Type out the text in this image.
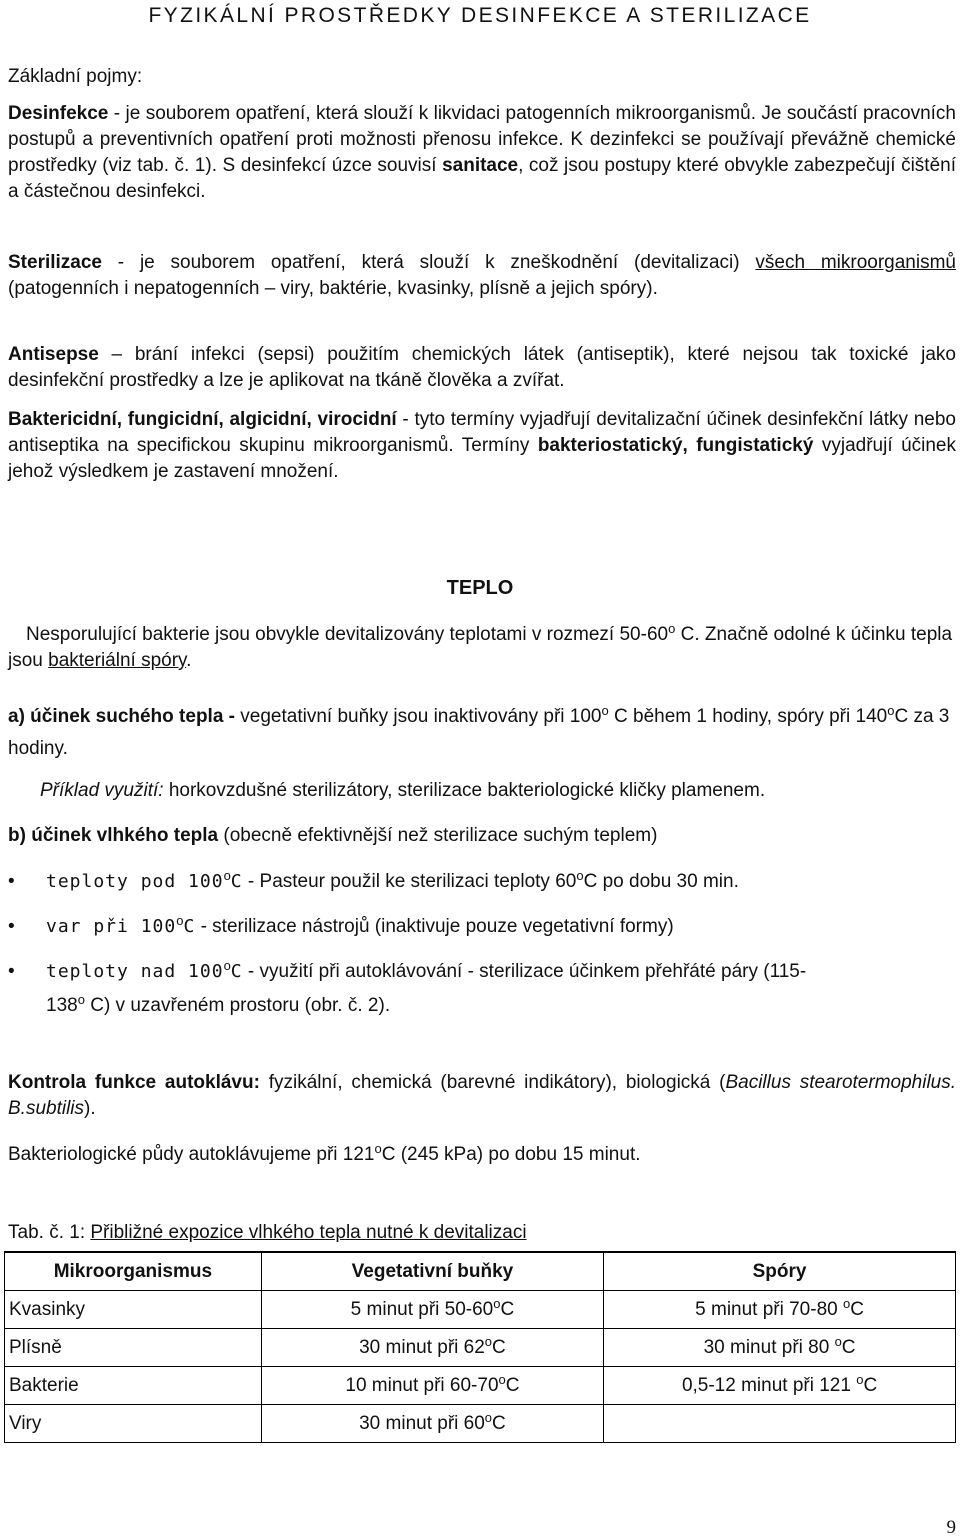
FYZIKÁLNÍ PROSTŘEDKY DESINFEKCE A STERILIZACE
Základní pojmy:
Desinfekce - je souborem opatření, která slouží k likvidaci patogenních mikroorganismů. Je součástí pracovních postupů a preventivních opatření proti možnosti přenosu infekce. K dezinfekci se používají převážně chemické prostředky (viz tab. č. 1). S desinfekcí úzce souvisí sanitace, což jsou postupy které obvykle zabezpečují čištění a částečnou desinfekci.
Sterilizace - je souborem opatření, která slouží k zneškodnění (devitalizaci) všech mikroorganismů (patogenních i nepatogenních – viry, baktérie, kvasinky, plísně a jejich spóry).
Antisepse – brání infekci (sepsi) použitím chemických látek (antiseptik), které nejsou tak toxické jako desinfekční prostředky a lze je aplikovat na tkáně člověka a zvířat.
Baktericidní, fungicidní, algicidní, virocidní - tyto termíny vyjadřují devitalizační účinek desinfekční látky nebo antiseptika na specifickou skupinu mikroorganismů. Termíny bakteriostatický, fungistatický vyjadřují účinek jehož výsledkem je zastavení množení.
TEPLO
Nesporulující bakterie jsou obvykle devitalizovány teplotami v rozmezí 50-60$^o$ C. Značně odolné k účinku tepla jsou bakteriální spóry.
a) účinek suchého tepla - vegetativní buňky jsou inaktivovány při 100$^o$ C během 1 hodiny, spóry při 140$^o$C za 3 hodiny.
Příklad využití: horkovzdušné sterilizátory, sterilizace bakteriologické kličky plamenem.
b) účinek vlhkého tepla (obecně efektivnější než sterilizace suchým teplem)
• teploty pod 100$^o$C - Pasteur použil ke sterilizaci teploty 60$^o$C po dobu 30 min.
• var při 100$^o$C - sterilizace nástrojů (inaktivuje pouze vegetativní formy)
• teploty nad 100$^o$C - využití při autoklávování - sterilizace účinkem přehřáté páry (115-
138$^o$ C) v uzavřeném prostoru (obr. č. 2).
Kontrola funkce autoklávu: fyzikální, chemická (barevné indikátory), biologická (Bacillus stearotermophilus. B.subtilis).
Bakteriologické půdy autoklávujeme při 121$^o$C (245 kPa) po dobu 15 minut.
Tab. č. 1: Přibližné expozice vlhkého tepla nutné k devitalizaci
Mikroorganismus	Vegetativní buňky	Spóry
Kvasinky	5 minut při 50-60$^o$C	5 minut při 70-80 $^o$C
Plísně	30 minut při 62$^o$C	30 minut při 80 $^o$C
Bakterie	10 minut při 60-70$^o$C	0,5-12 minut při 121 $^o$C
Viry	30 minut při 60$^o$C	
9
